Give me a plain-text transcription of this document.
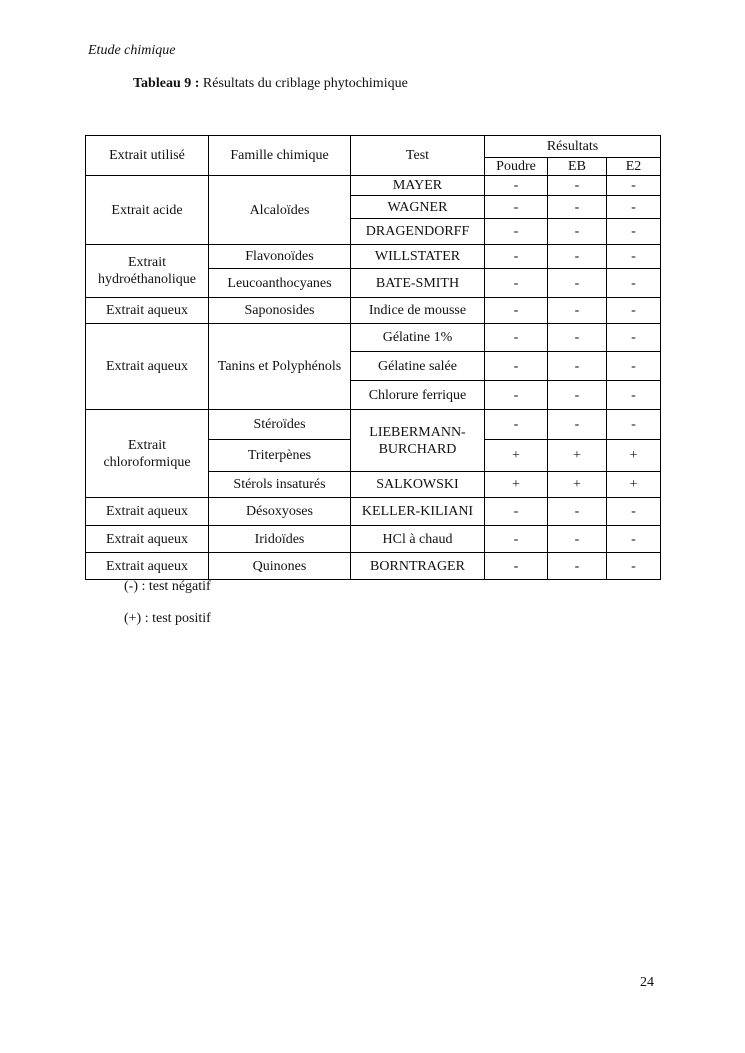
Etude chimique
Tableau 9 : Résultats du criblage phytochimique
Extrait utilisé	Famille chimique	Test	Résultats		
			Poudre	EB	E2
Extrait acide	Alcaloïdes	MAYER	-	-	-
		WAGNER	-	-	-
		DRAGENDORFF	-	-	-
Extrait hydroéthanolique	Flavonoïdes	WILLSTATER	-	-	-
	Leucoanthocyanes	BATE-SMITH	-	-	-
Extrait aqueux	Saponosides	Indice de mousse	-	-	-
Extrait aqueux	Tanins et Polyphénols	Gélatine 1%	-	-	-
		Gélatine salée	-	-	-
		Chlorure ferrique	-	-	-
Extrait chloroformique	Stéroïdes	LIEBERMANN-BURCHARD	-	-	-
	Triterpènes		+	+	+
	Stérols insaturés	SALKOWSKI	+	+	+
Extrait aqueux	Désoxyoses	KELLER-KILIANI	-	-	-
Extrait aqueux	Iridoïdes	HCl à chaud	-	-	-
Extrait aqueux	Quinones	BORNTRAGER	-	-	-
(-) : test négatif
(+) : test positif
24
